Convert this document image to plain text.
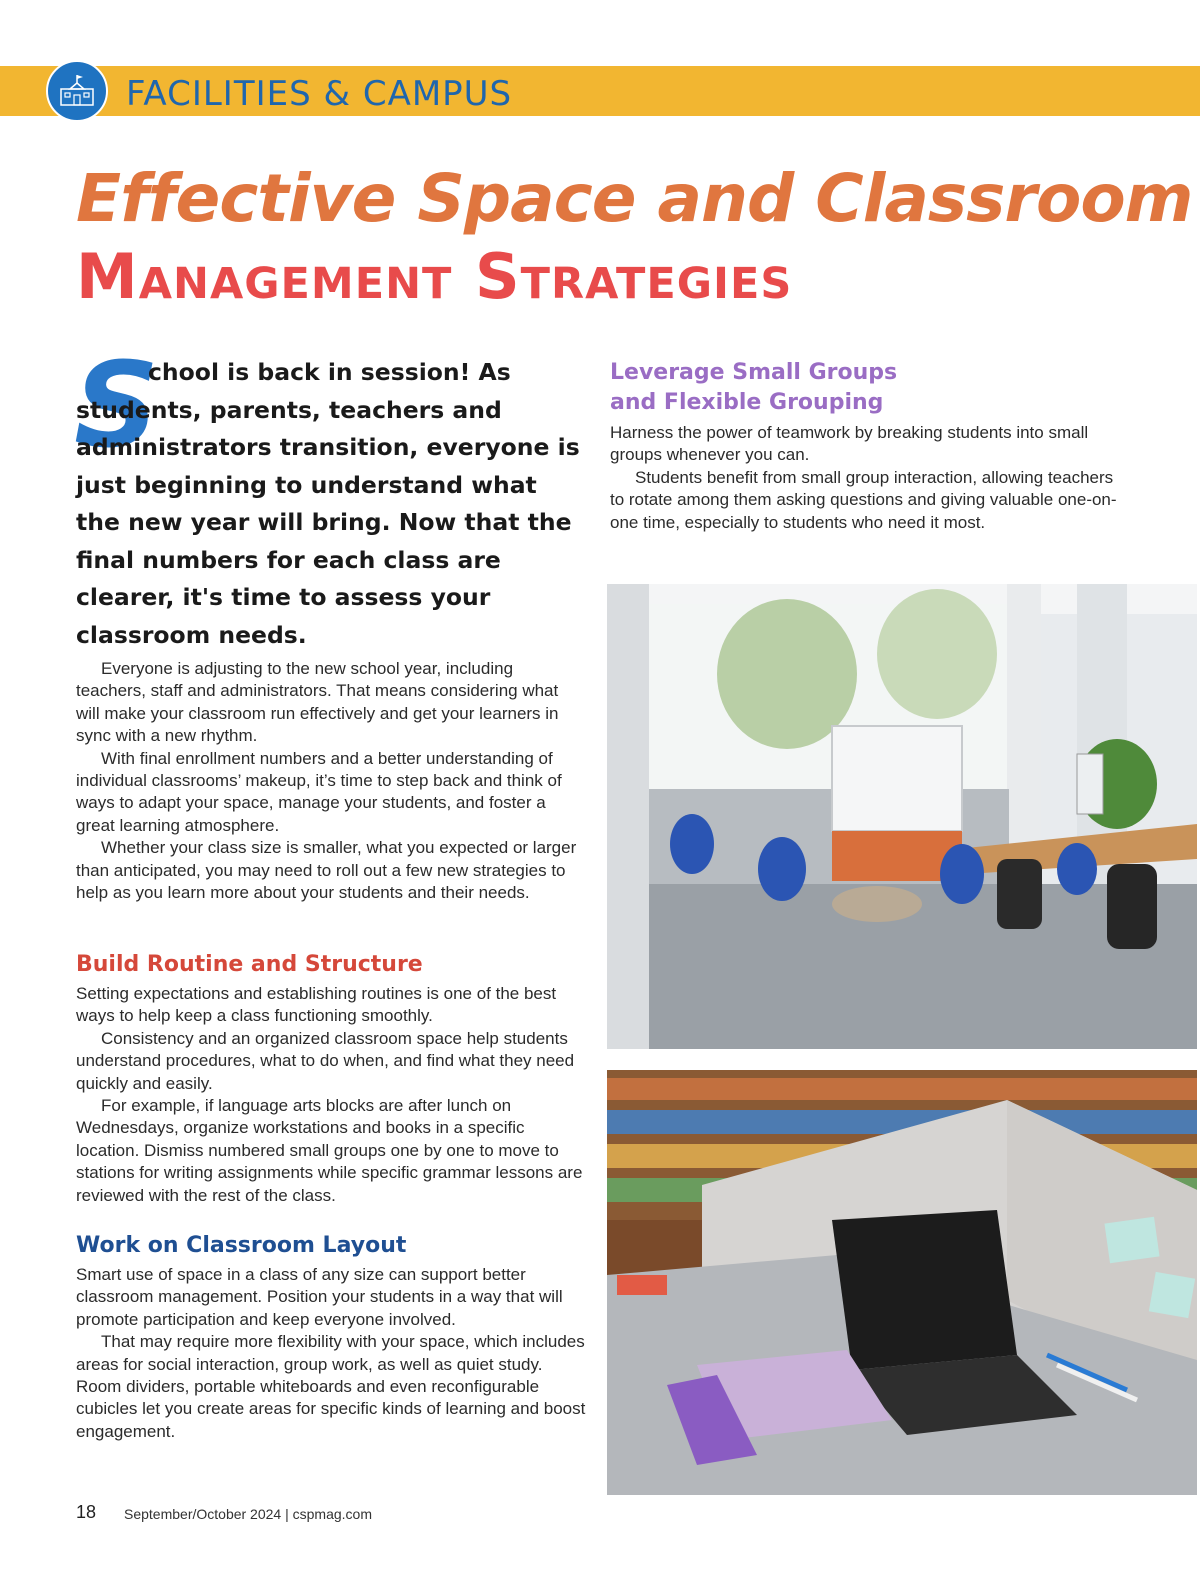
FACILITIES & CAMPUS
Effective Space and Classroom
Management Strategies
S
chool is back in session! As students, parents, teachers and administrators transition, everyone is just beginning to understand what the new year will bring. Now that the final numbers for each class are clearer, it's time to assess your classroom needs.

Everyone is adjusting to the new school year, including teachers, staff and administrators. That means considering what will make your classroom run effectively and get your learners in sync with a new rhythm.

With final enrollment numbers and a better understanding of individual classrooms’ makeup, it’s time to step back and think of ways to adapt your space, manage your students, and foster a great learning atmosphere.

Whether your class size is smaller, what you expected or larger than anticipated, you may need to roll out a few new strategies to help as you learn more about your students and their needs.

Build Routine and Structure

Setting expectations and establishing routines is one of the best ways to help keep a class functioning smoothly.

Consistency and an organized classroom space help students understand procedures, what to do when, and find what they need quickly and easily.

For example, if language arts blocks are after lunch on Wednesdays, organize workstations and books in a specific location. Dismiss numbered small groups one by one to move to stations for writing assignments while specific grammar lessons are reviewed with the rest of the class.

Work on Classroom Layout

Smart use of space in a class of any size can support better classroom management. Position your students in a way that will promote participation and keep everyone involved.

That may require more flexibility with your space, which includes areas for social interaction, group work, as well as quiet study. Room dividers, portable whiteboards and even reconfigurable cubicles let you create areas for specific kinds of learning and boost engagement.

Leverage Small Groups
and Flexible Grouping

Harness the power of teamwork by breaking students into small groups whenever you can.

Students benefit from small group interaction, allowing teachers to rotate among them asking questions and giving valuable one-on-one time, especially to students who need it most.

18 September/October 2024 | cspmag.com
